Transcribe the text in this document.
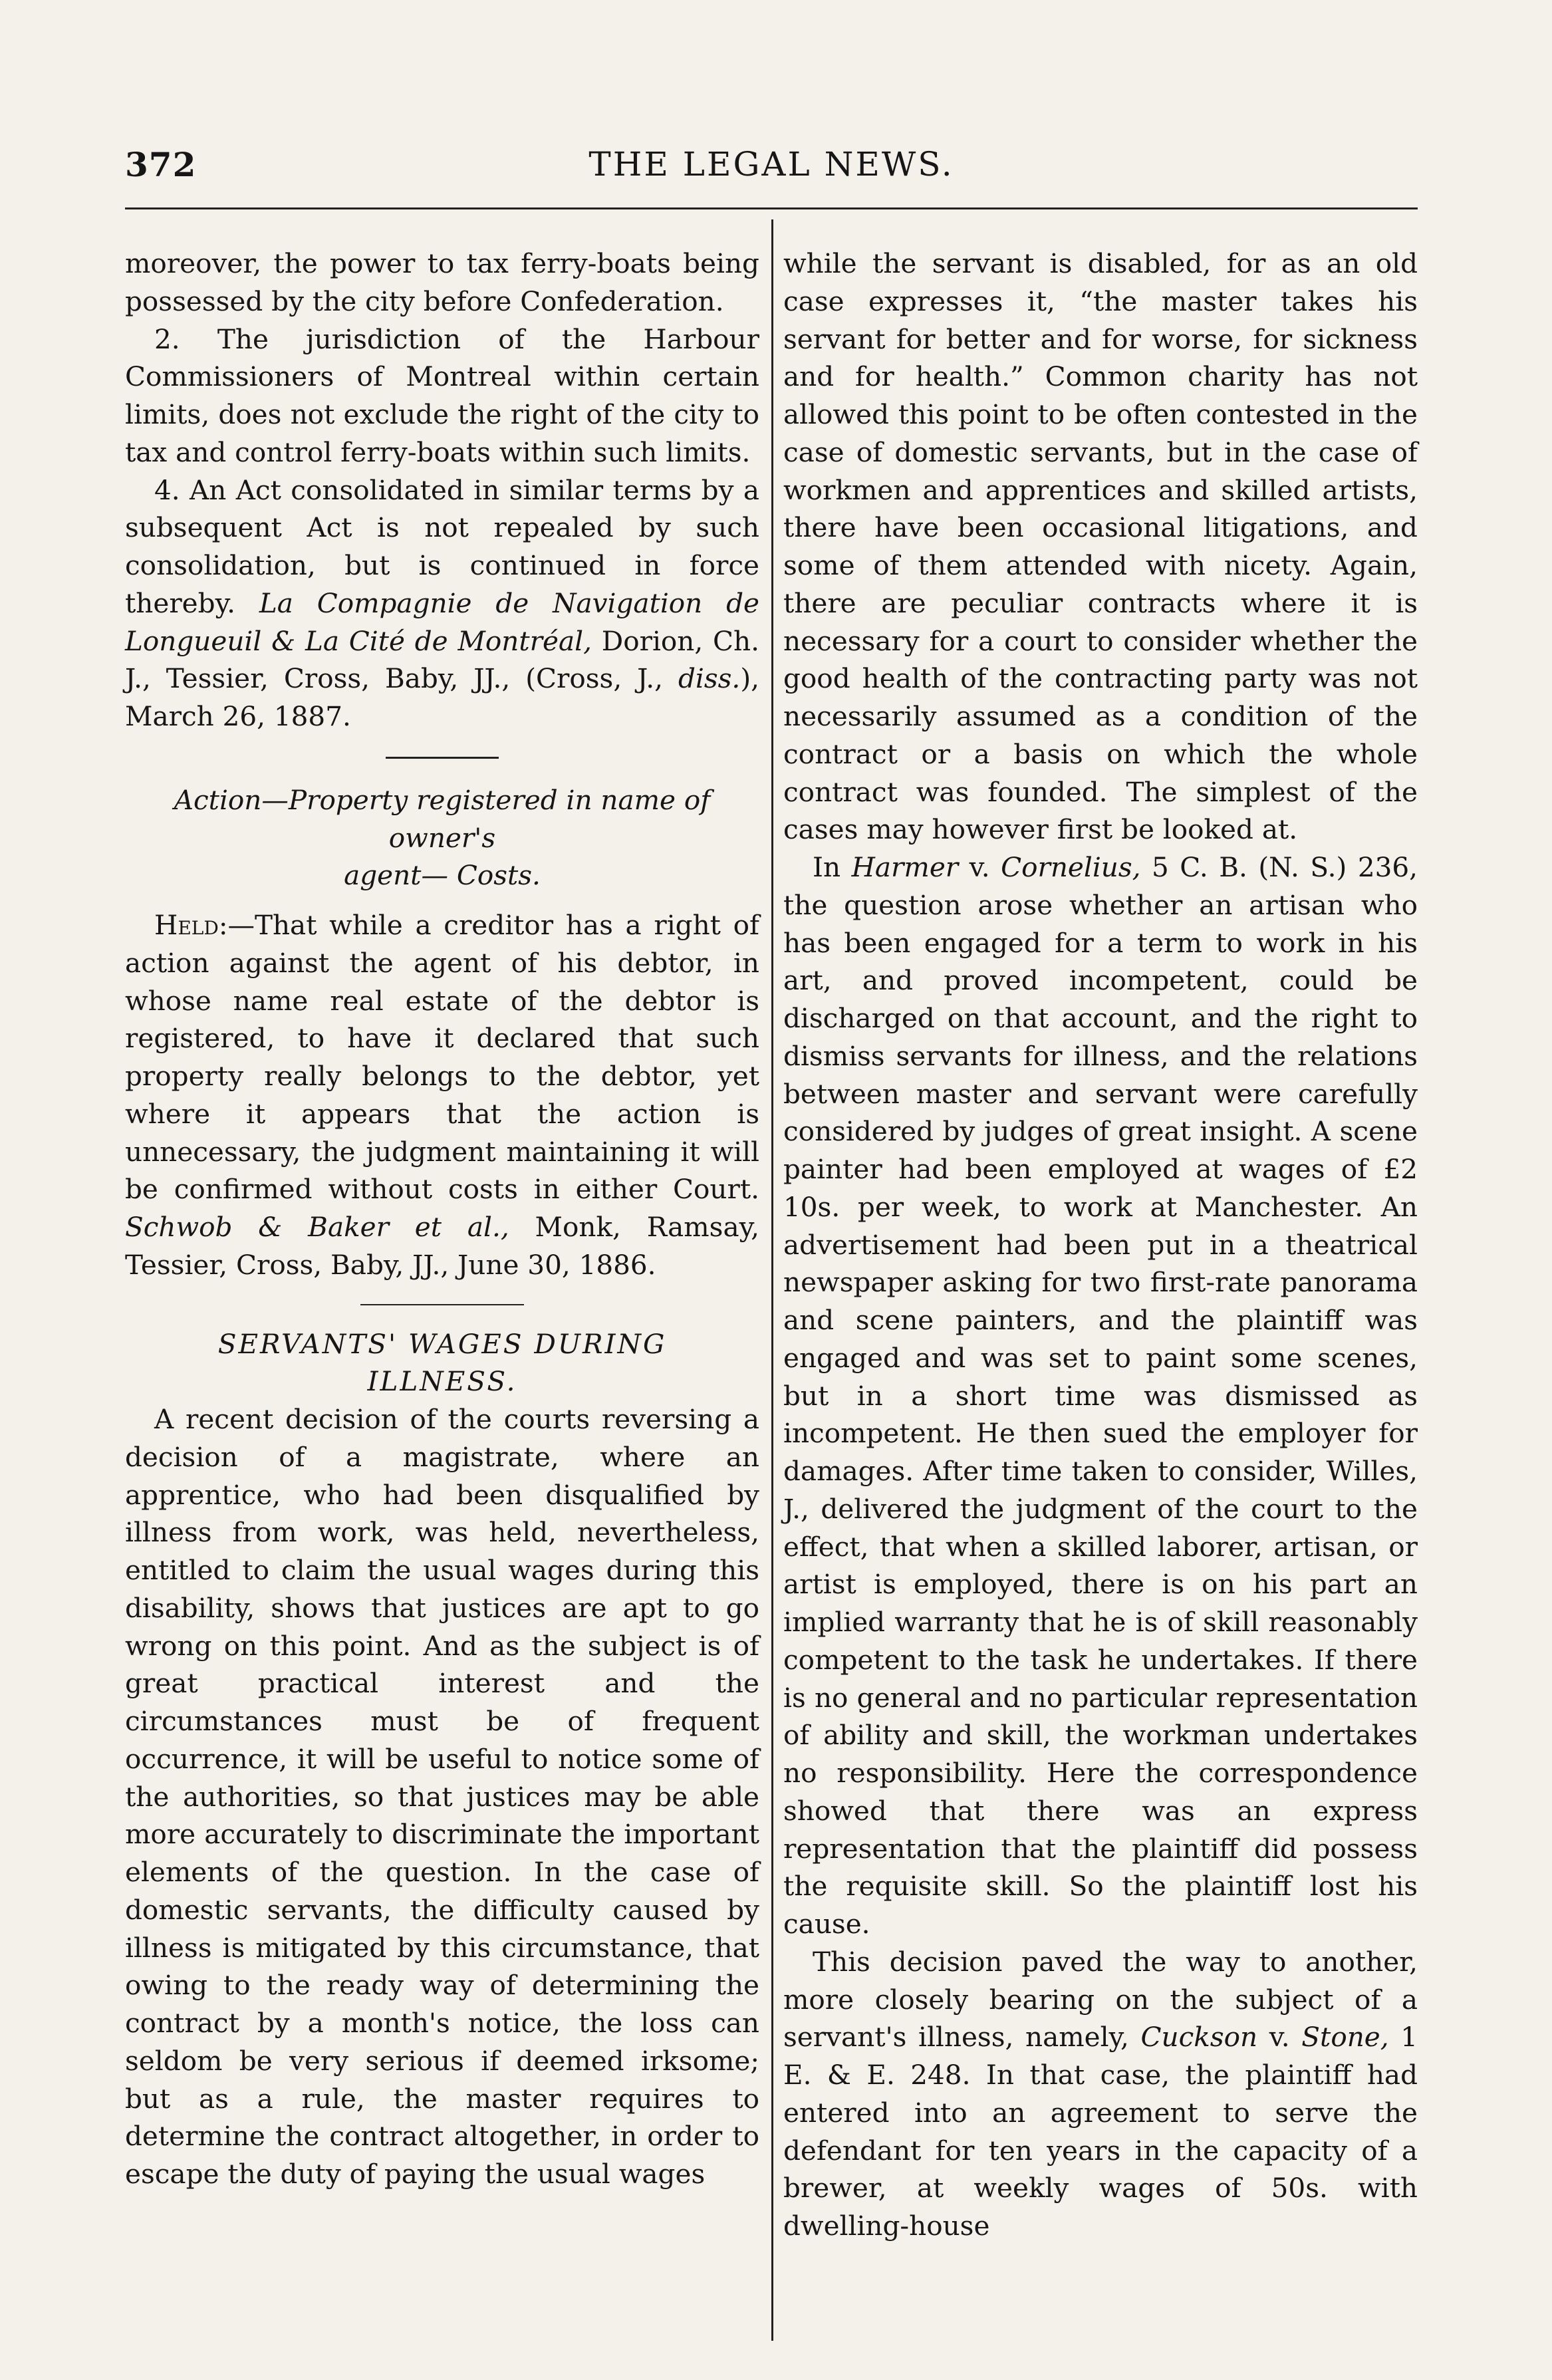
372	THE LEGAL NEWS.

moreover, the power to tax ferry-boats being possessed by the city before Confederation.

2. The jurisdiction of the Harbour Commissioners of Montreal within certain limits, does not exclude the right of the city to tax and control ferry-boats within such limits.

4. An Act consolidated in similar terms by a subsequent Act is not repealed by such consolidation, but is continued in force thereby. La Compagnie de Navigation de Longueuil & La Cité de Montréal, Dorion, Ch. J., Tessier, Cross, Baby, JJ., (Cross, J., diss.), March 26, 1887.

Action—Property registered in name of owner's
agent— Costs.

Held:—That while a creditor has a right of action against the agent of his debtor, in whose name real estate of the debtor is registered, to have it declared that such property really belongs to the debtor, yet where it appears that the action is unnecessary, the judgment maintaining it will be confirmed without costs in either Court. Schwob & Baker et al., Monk, Ramsay, Tessier, Cross, Baby, JJ., June 30, 1886.

SERVANTS' WAGES DURING
ILLNESS.

A recent decision of the courts reversing a decision of a magistrate, where an apprentice, who had been disqualified by illness from work, was held, nevertheless, entitled to claim the usual wages during this disability, shows that justices are apt to go wrong on this point. And as the subject is of great practical interest and the circumstances must be of frequent occurrence, it will be useful to notice some of the authorities, so that justices may be able more accurately to discriminate the important elements of the question. In the case of domestic servants, the difficulty caused by illness is mitigated by this circumstance, that owing to the ready way of determining the contract by a month's notice, the loss can seldom be very serious if deemed irksome; but as a rule, the master requires to determine the contract altogether, in order to escape the duty of paying the usual wages

while the servant is disabled, for as an old case expresses it, “the master takes his servant for better and for worse, for sickness and for health.” Common charity has not allowed this point to be often contested in the case of domestic servants, but in the case of workmen and apprentices and skilled artists, there have been occasional litigations, and some of them attended with nicety. Again, there are peculiar contracts where it is necessary for a court to consider whether the good health of the contracting party was not necessarily assumed as a condition of the contract or a basis on which the whole contract was founded. The simplest of the cases may however first be looked at.

In Harmer v. Cornelius, 5 C. B. (N. S.) 236, the question arose whether an artisan who has been engaged for a term to work in his art, and proved incompetent, could be discharged on that account, and the right to dismiss servants for illness, and the relations between master and servant were carefully considered by judges of great insight. A scene painter had been employed at wages of £2 10s. per week, to work at Manchester. An advertisement had been put in a theatrical newspaper asking for two first-rate panorama and scene painters, and the plaintiff was engaged and was set to paint some scenes, but in a short time was dismissed as incompetent. He then sued the employer for damages. After time taken to consider, Willes, J., delivered the judgment of the court to the effect, that when a skilled laborer, artisan, or artist is employed, there is on his part an implied warranty that he is of skill reasonably competent to the task he undertakes. If there is no general and no particular representation of ability and skill, the workman undertakes no responsibility. Here the correspondence showed that there was an express representation that the plaintiff did possess the requisite skill. So the plaintiff lost his cause.

This decision paved the way to another, more closely bearing on the subject of a servant's illness, namely, Cuckson v. Stone, 1 E. & E. 248. In that case, the plaintiff had entered into an agreement to serve the defendant for ten years in the capacity of a brewer, at weekly wages of 50s. with dwelling-house
